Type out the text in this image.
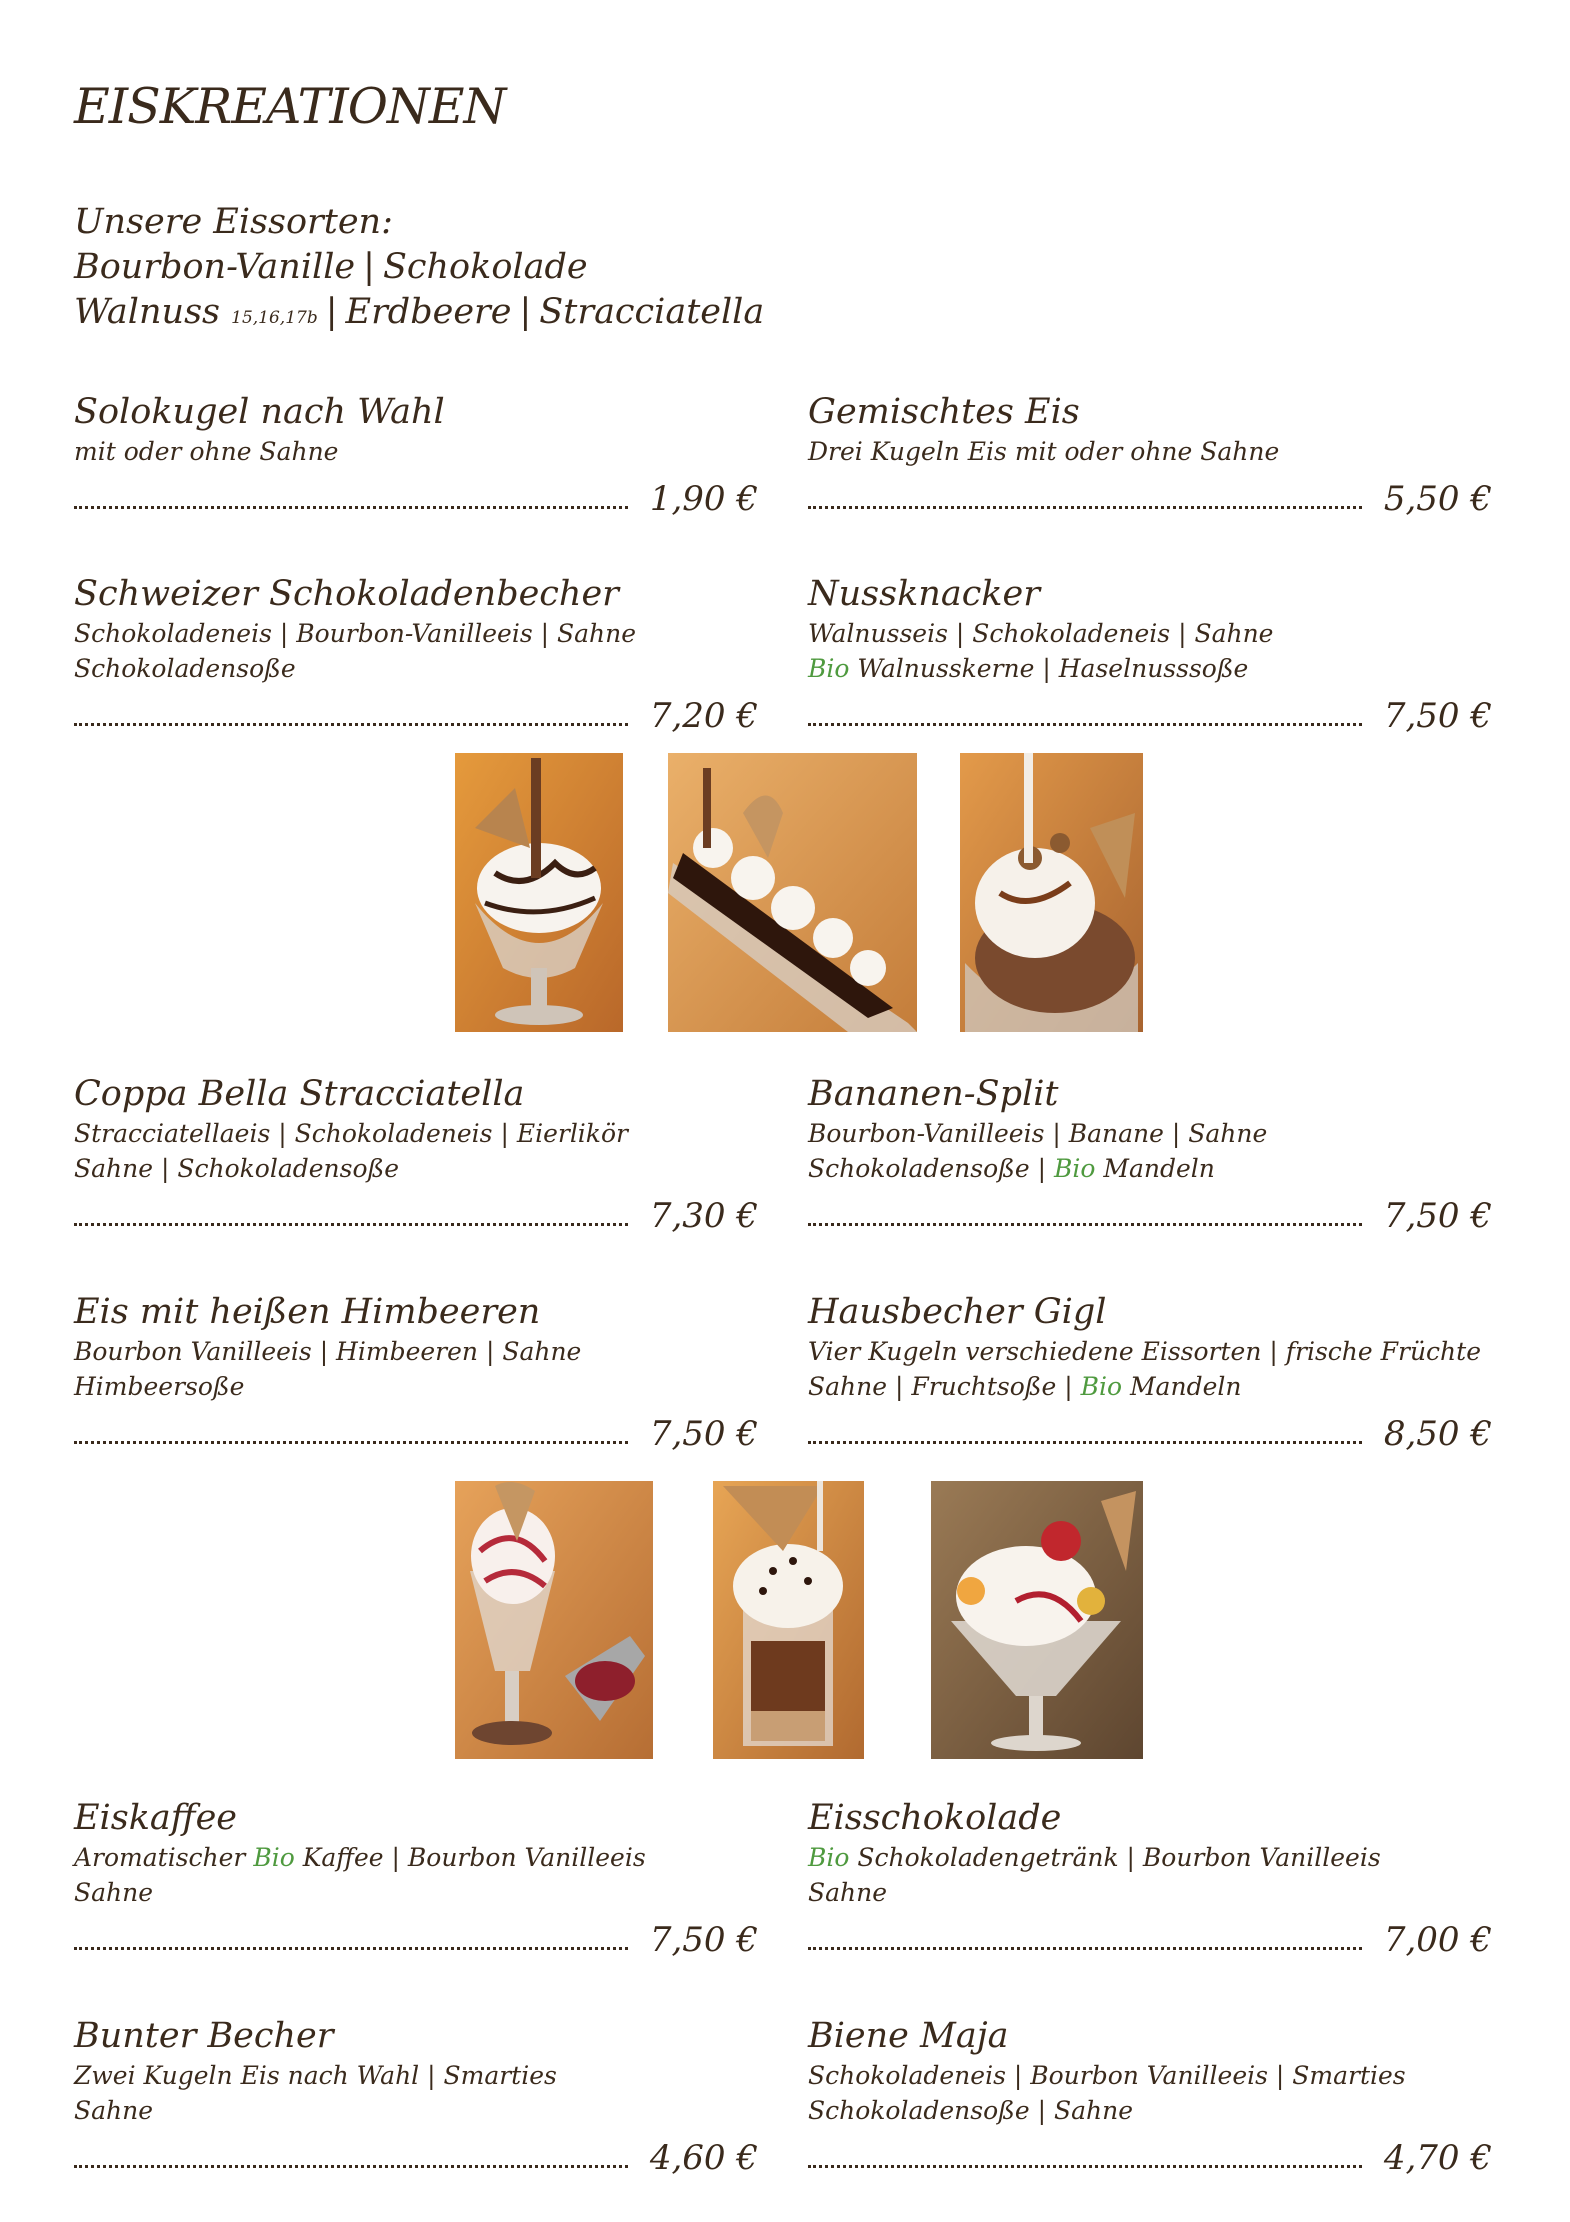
EISKREATIONEN
Unsere Eissorten:
Bourbon-Vanille | Schokolade
Walnuss 15,16,17b | Erdbeere | Stracciatella
Solokugel nach Wahl
mit oder ohne Sahne
1,90 €
Gemischtes Eis
Drei Kugeln Eis mit oder ohne Sahne
5,50 €
Schweizer Schokoladenbecher
Schokoladeneis | Bourbon-Vanilleeis | Sahne
Schokoladensoße
7,20 €
Nussknacker
Walnusseis | Schokoladeneis | Sahne
Bio Walnusskerne | Haselnusssoße
7,50 €
Coppa Bella Stracciatella
Stracciatellaeis | Schokoladeneis | Eierlikör
Sahne | Schokoladensoße
7,30 €
Bananen-Split
Bourbon-Vanilleeis | Banane | Sahne
Schokoladensoße | Bio Mandeln
7,50 €
Eis mit heißen Himbeeren
Bourbon Vanilleeis | Himbeeren | Sahne
Himbeersoße
7,50 €
Hausbecher Gigl
Vier Kugeln verschiedene Eissorten | frische Früchte
Sahne | Fruchtsoße | Bio Mandeln
8,50 €
Eiskaffee
Aromatischer Bio Kaffee | Bourbon Vanilleeis
Sahne
7,50 €
Eisschokolade
Bio Schokoladengetränk | Bourbon Vanilleeis
Sahne
7,00 €
Bunter Becher
Zwei Kugeln Eis nach Wahl | Smarties
Sahne
4,60 €
Biene Maja
Schokoladeneis | Bourbon Vanilleeis | Smarties
Schokoladensoße | Sahne
4,70 €
